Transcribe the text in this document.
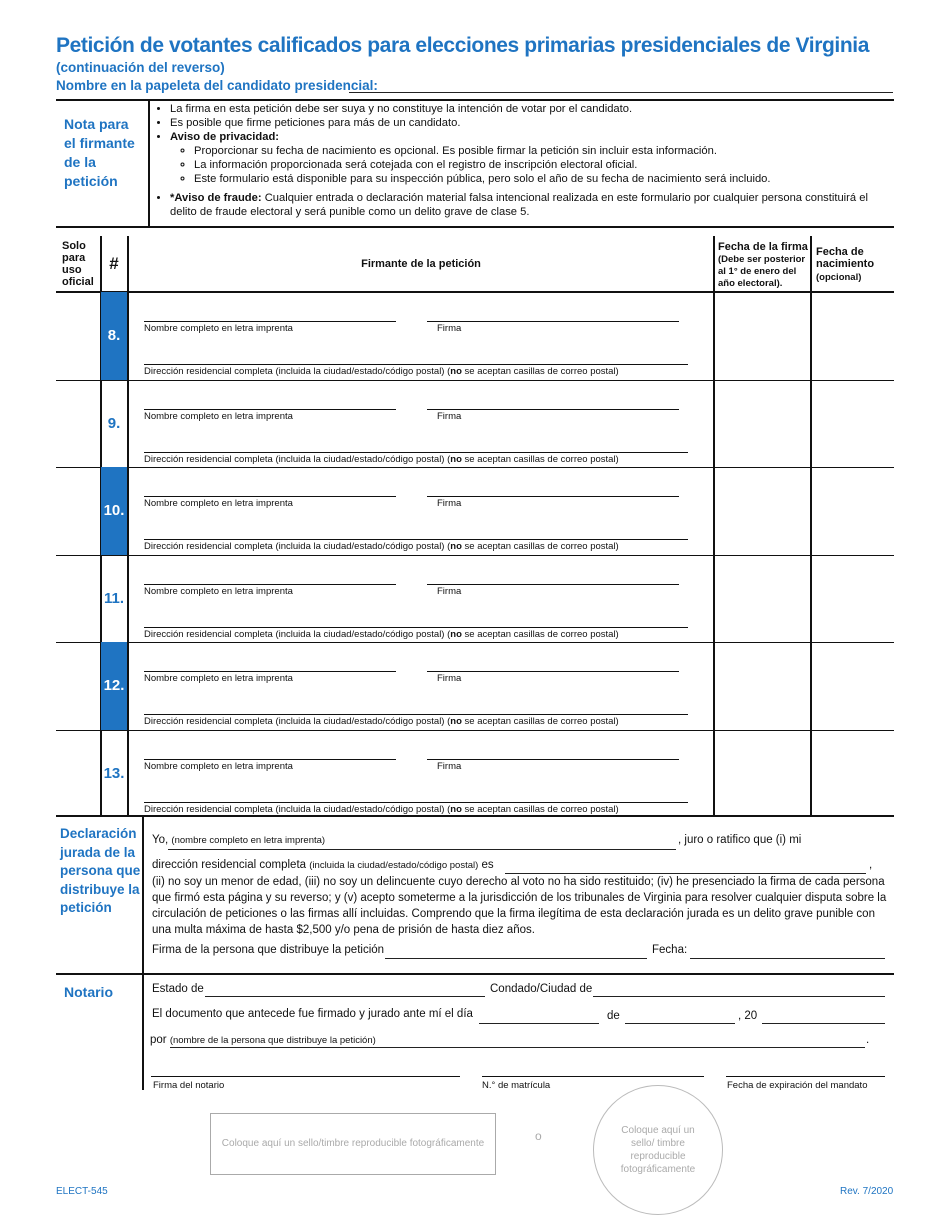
Petición de votantes calificados para elecciones primarias presidenciales de Virginia
(continuación del reverso)
Nombre en la papeleta del candidato presidencial:
Nota para el firmante de la petición
• La firma en esta petición debe ser suya y no constituye la intención de votar por el candidato.
• Es posible que firme peticiones para más de un candidato.
• Aviso de privacidad:
◦ Proporcionar su fecha de nacimiento es opcional. Es posible firmar la petición sin incluir esta información.
◦ La información proporcionada será cotejada con el registro de inscripción electoral oficial.
◦ Este formulario está disponible para su inspección pública, pero solo el año de su fecha de nacimiento será incluido.
• *Aviso de fraude: Cualquier entrada o declaración material falsa intencional realizada en este formulario por cualquier persona constituirá el delito de fraude electoral y será punible como un delito grave de clase 5.
Solo para uso oficial
#	Firmante de la petición
Fecha de la firma
(Debe ser posterior al 1° de enero del año electoral).
Fecha de nacimiento
(opcional)
8.	Nombre completo en letra imprenta	Firma
Dirección residencial completa (incluida la ciudad/estado/código postal) (no se aceptan casillas de correo postal)
9.	Nombre completo en letra imprenta	Firma
Dirección residencial completa (incluida la ciudad/estado/código postal) (no se aceptan casillas de correo postal)
10. Nombre completo en letra imprenta	Firma
Dirección residencial completa (incluida la ciudad/estado/código postal) (no se aceptan casillas de correo postal)
11.	Nombre completo en letra imprenta	Firma
Dirección residencial completa (incluida la ciudad/estado/código postal) (no se aceptan casillas de correo postal)
12. Nombre completo en letra imprenta	Firma
Dirección residencial completa (incluida la ciudad/estado/código postal) (no se aceptan casillas de correo postal)
13. Nombre completo en letra imprenta	Firma
Dirección residencial completa (incluida la ciudad/estado/código postal) (no se aceptan casillas de correo postal)
Declaración jurada de la persona que distribuye la petición
Yo, (nombre completo en letra imprenta)	, juro o ratifico que (i) mi
dirección residencial completa (incluida la ciudad/estado/código postal) es	,
(ii) no soy un menor de edad, (iii) no soy un delincuente cuyo derecho al voto no ha sido restituido; (iv) he presenciado la firma de cada persona que firmó esta página y su reverso; y (v) acepto someterme a la jurisdicción de los tribunales de Virginia para resolver cualquier disputa sobre la circulación de peticiones o las firmas allí incluidas. Comprendo que la firma ilegítima de esta declaración jurada es un delito grave punible con una multa máxima de hasta $2,500 y/o pena de prisión de hasta diez años.
Firma de la persona que distribuye la petición	Fecha:
Notario	Estado de	Condado/Ciudad de
El documento que antecede fue firmado y jurado ante mí el día	de	, 20
por (nombre de la persona que distribuye la petición)	.
Firma del notario	N.° de matrícula	Fecha de expiración del mandato
Coloque aquí un sello/timbre reproducible fotográficamente
o	Coloque aquí un sello/ timbre reproducible fotográficamente
ELECT-545	Rev. 7/2020
